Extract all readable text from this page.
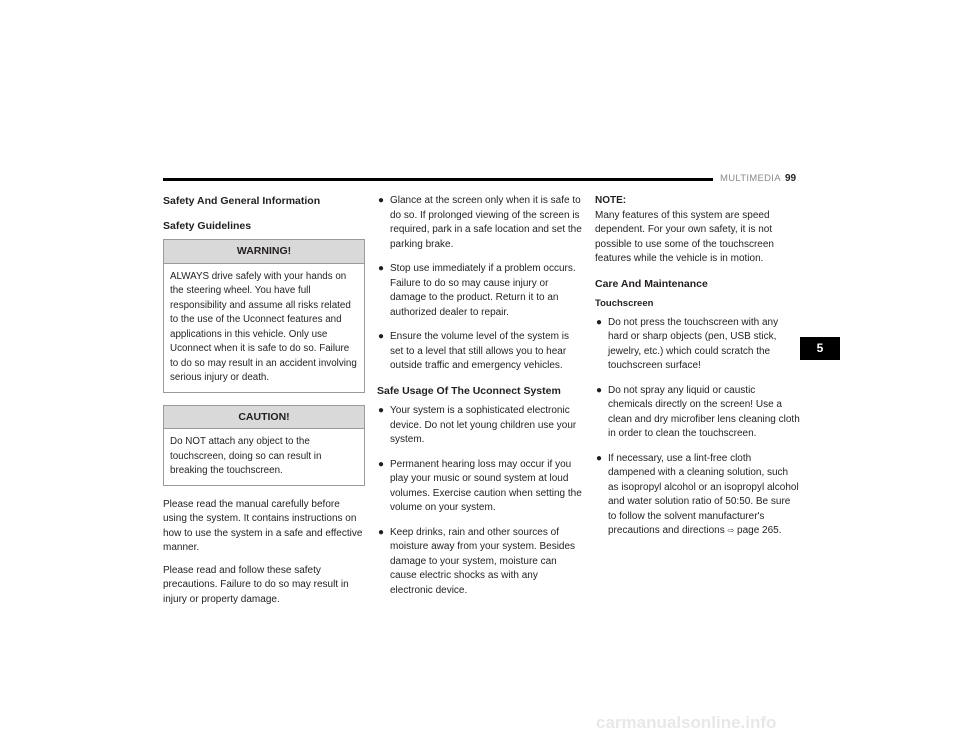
MULTIMEDIA 99
Safety And General Information
Safety Guidelines
WARNING!
ALWAYS drive safely with your hands on the steering wheel. You have full responsibility and assume all risks related to the use of the Uconnect features and applications in this vehicle. Only use Uconnect when it is safe to do so. Failure to do so may result in an accident involving serious injury or death.
CAUTION!
Do NOT attach any object to the touchscreen, doing so can result in breaking the touchscreen.

Please read the manual carefully before using the system. It contains instructions on how to use the system in a safe and effective manner.

Please read and follow these safety precautions. Failure to do so may result in injury or property damage.

● Glance at the screen only when it is safe to do so. If prolonged viewing of the screen is required, park in a safe location and set the parking brake.
● Stop use immediately if a problem occurs. Failure to do so may cause injury or damage to the product. Return it to an authorized dealer to repair.
● Ensure the volume level of the system is set to a level that still allows you to hear outside traffic and emergency vehicles.
Safe Usage Of The Uconnect System
● Your system is a sophisticated electronic device. Do not let young children use your system.
● Permanent hearing loss may occur if you play your music or sound system at loud volumes. Exercise caution when setting the volume on your system.
● Keep drinks, rain and other sources of moisture away from your system. Besides damage to your system, moisture can cause electric shocks as with any electronic device.
NOTE:

Many features of this system are speed dependent. For your own safety, it is not possible to use some of the touchscreen features while the vehicle is in motion.

Care And Maintenance
Touchscreen
● Do not press the touchscreen with any hard or sharp objects (pen, USB stick, jewelry, etc.) which could scratch the touchscreen surface!
● Do not spray any liquid or caustic chemicals directly on the screen! Use a clean and dry microfiber lens cleaning cloth in order to clean the touchscreen.
● If necessary, use a lint-free cloth dampened with a cleaning solution, such as isopropyl alcohol or an isopropyl alcohol and water solution ratio of 50:50. Be sure to follow the solvent manufacturer's precautions and directions ⇨ page 265.
5
carmanualsonline.info
